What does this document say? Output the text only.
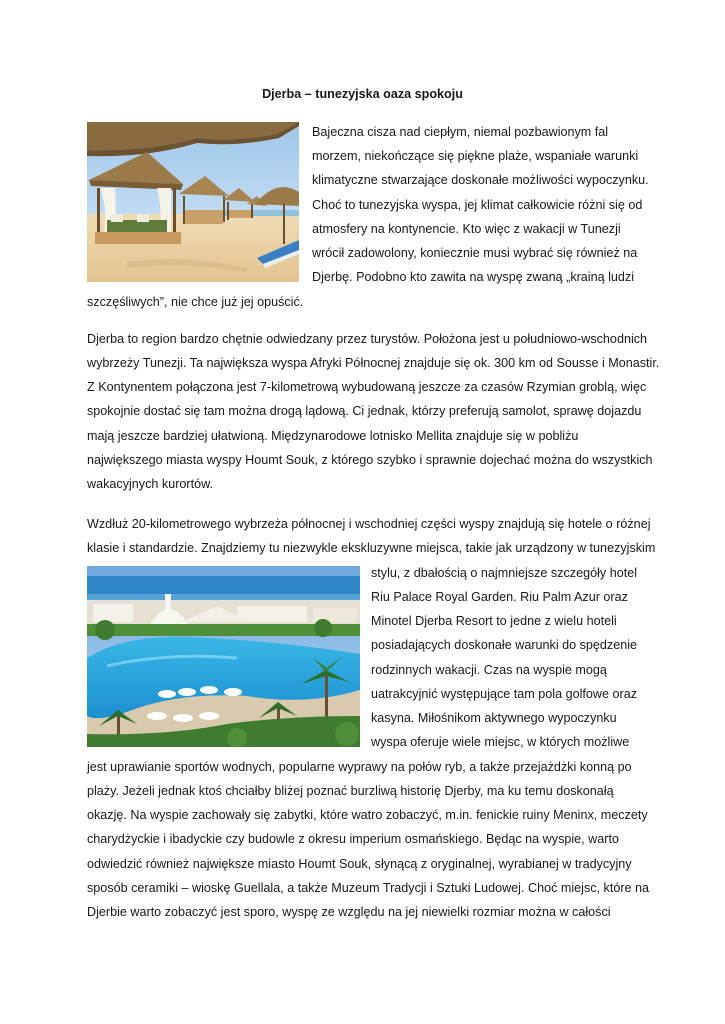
Djerba – tunezyjska oaza spokoju
Bajeczna cisza nad ciepłym, niemal pozbawionym fal
morzem, niekończące się piękne plaże, wspaniałe warunki
klimatyczne stwarzające doskonałe możliwości wypoczynku.
Choć to tunezyjska wyspa, jej klimat całkowicie różni się od
atmosfery na kontynencie. Kto więc z wakacji w Tunezji
wrócił zadowolony, koniecznie musi wybrać się również na
Djerbę. Podobno kto zawita na wyspę zwaną „krainą ludzi
szczęśliwych”, nie chce już jej opuścić.
Djerba to region bardzo chętnie odwiedzany przez turystów. Położona jest u południowo-wschodnich
wybrzeży Tunezji. Ta największa wyspa Afryki Północnej znajduje się ok. 300 km od Sousse i Monastir.
Z Kontynentem połączona jest 7-kilometrową wybudowaną jeszcze za czasów Rzymian groblą, więc
spokojnie dostać się tam można drogą lądową. Ci jednak, którzy preferują samolot, sprawę dojazdu
mają jeszcze bardziej ułatwioną. Międzynarodowe lotnisko Mellita znajduje się w pobliżu
największego miasta wyspy Houmt Souk, z którego szybko i sprawnie dojechać można do wszystkich
wakacyjnych kurortów.
Wzdłuż 20-kilometrowego wybrzeża północnej i wschodniej części wyspy znajdują się hotele o różnej
klasie i standardzie. Znajdziemy tu niezwykle ekskluzywne miejsca, takie jak urządzony w tunezyjskim
stylu, z dbałością o najmniejsze szczegóły hotel
Riu Palace Royal Garden. Riu Palm Azur oraz
Minotel Djerba Resort to jedne z wielu hoteli
posiadających doskonałe warunki do spędzenie
rodzinnych wakacji. Czas na wyspie mogą
uatrakcyjnić występujące tam pola golfowe oraz
kasyna. Miłośnikom aktywnego wypoczynku
wyspa oferuje wiele miejsc, w których możliwe
jest uprawianie sportów wodnych, popularne wyprawy na połów ryb, a także przejażdżki konną po
plaży. Jeżeli jednak ktoś chciałby bliżej poznać burzliwą historię Djerby, ma ku temu doskonałą
okazję. Na wyspie zachowały się zabytki, które watro zobaczyć, m.in. fenickie ruiny Meninx, meczety
charydżyckie i ibadyckie czy budowle z okresu imperium osmańskiego. Będąc na wyspie, warto
odwiedzić również największe miasto Houmt Souk, słynącą z oryginalnej, wyrabianej w tradycyjny
sposób ceramiki – wioskę Guellala, a także Muzeum Tradycji i Sztuki Ludowej. Choć miejsc, które na
Djerbie warto zobaczyć jest sporo, wyspę ze względu na jej niewielki rozmiar można w całości
